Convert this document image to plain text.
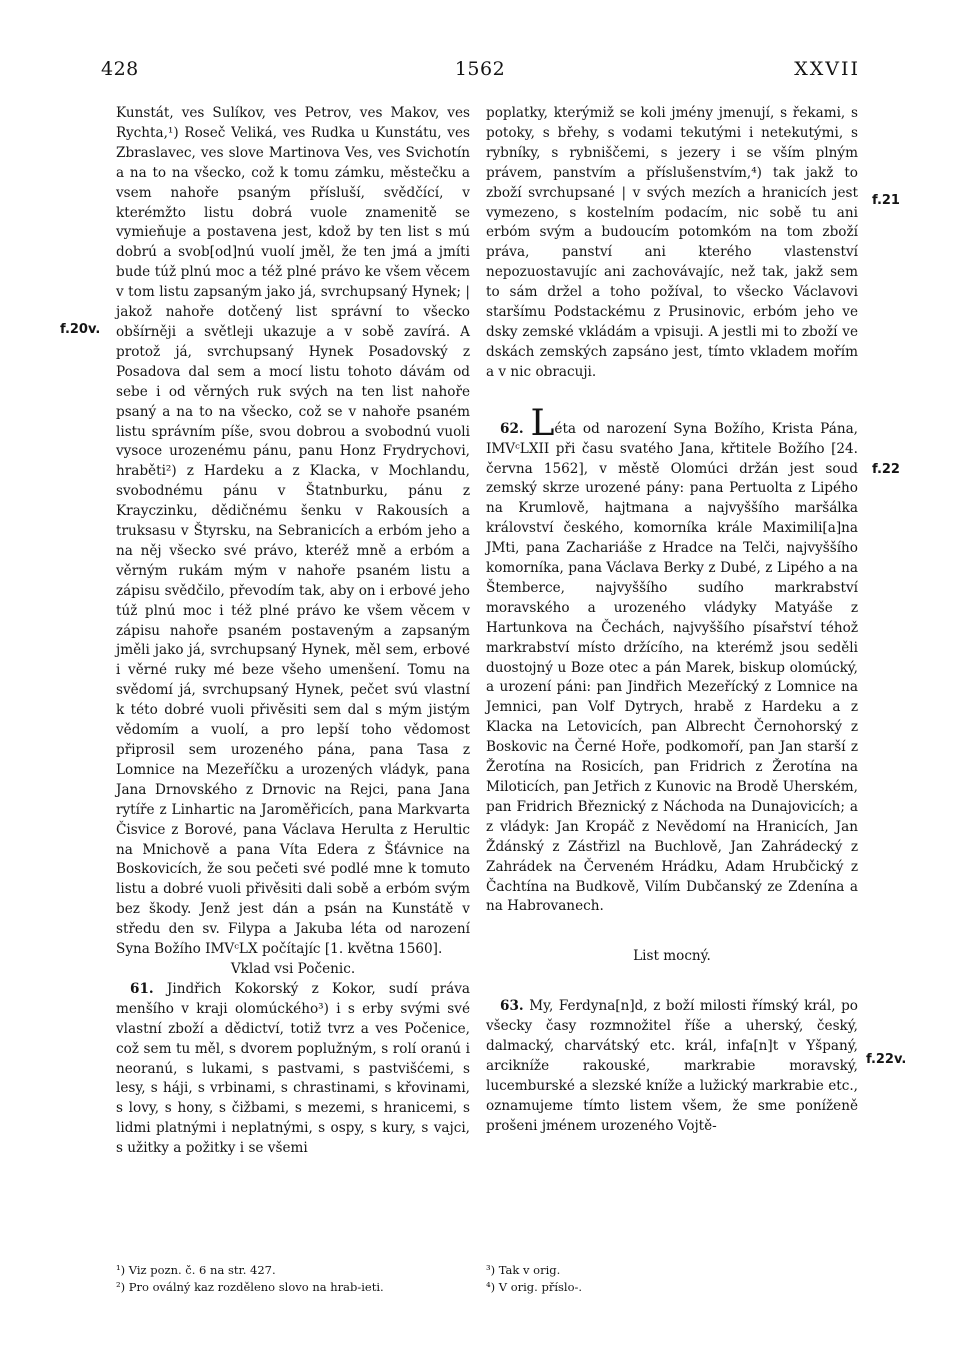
428	1562	XXVII
f.20v.
f.21
f.22
f.22v.

Kunstát, ves Sulíkov, ves Petrov, ves Makov, ves Rychta,¹) Roseč Veliká, ves Rudka u Kunstátu, ves Zbraslavec, ves slove Martinova Ves, ves Svichotín a na to na všecko, což k tomu zámku, městečku a vsem nahoře psaným přísluší, svědčící, v kterémžto listu dobrá vuole znamenitě se vymieňuje a postavena jest, kdož by ten list s mú dobrú a svob[od]nú vuolí jměl, že ten jmá a jmíti bude túž plnú moc a též plné právo ke všem věcem v tom listu zapsaným jako já, svrchupsaný Hynek; | jakož nahoře dotčený list správní to všecko obšírněji a světleji ukazuje a v sobě zavírá. A protož já, svrchupsaný Hynek Posadovský z Posadova dal sem a mocí listu tohoto dávám od sebe i od věrných ruk svých na ten list nahoře psaný a na to na všecko, což se v nahoře psaném listu správním píše, svou dobrou a svobodnú vuoli vysoce urozenému pánu, panu Honz Frydrychovi, hraběti²) z Hardeku a z Klacka, v Mochlandu, svobodnému pánu v Štatnburku, pánu z Krayczinku, dědičnému šenku v Rakousích a truksasu v Štyrsku, na Sebranicích a erbóm jeho a na něj všecko své právo, kteréž mně a erbóm a věrným rukám mým v nahoře psaném listu a zápisu svědčilo, převodím tak, aby on i erbové jeho túž plnú moc i též plné právo ke všem věcem v zápisu nahoře psaném postaveným a zapsaným jměli jako já, svrchupsaný Hynek, měl sem, erbové i věrné ruky mé beze všeho umenšení. Tomu na svědomí já, svrchupsaný Hynek, pečet svú vlastní k této dobré vuoli přivěsiti sem dal s mým jistým vědomím a vuolí, a pro lepší toho vědomost připrosil sem urozeného pána, pana Tasa z Lomnice na Mezeříčku a urozených vládyk, pana Jana Drnovského z Drnovic na Rejci, pana Jana rytíře z Linhartic na Jaroměřicích, pana Markvarta Čisvice z Borové, pana Václava Herulta z Herultic na Mnichově a pana Víta Edera z Šťávnice na Boskovicích, že sou pečeti své podlé mne k tomuto listu a dobré vuoli přivěsiti dali sobě a erbóm svým bez škody. Jenž jest dán a psán na Kunstátě v středu den sv. Filypa a Jakuba léta od narození Syna Božího IMVᶜLX počítajíc [1. května 1560].

Vklad vsi Počenic.

61. Jindřich Kokorský z Kokor, sudí práva menšího v kraji olomúckého³) i s erby svými své vlastní zboží a dědictví, totiž tvrz a ves Počenice, což sem tu měl, s dvorem poplužným, s rolí oranú i neoranú, s lukami, s pastvami, s pastvišćemi, s lesy, s háji, s vrbinami, s chrastinami, s křovinami, s lovy, s hony, s čižbami, s mezemi, s hranicemi, s lidmi platnými i neplatnými, s ospy, s kury, s vajci, s užitky a požitky i se všemi

poplatky, kterýmiž se koli jmény jmenují, s řekami, s potoky, s břehy, s vodami tekutými i netekutými, s rybníky, s rybniščemi, s jezery i se vším plným právem, panstvím a příslušenstvím,⁴) tak jakž to zboží svrchupsané | v svých mezích a hranicích jest vymezeno, s kostelním podacím, nic sobě tu ani erbóm svým a budoucím potomkóm na tom zboží práva, panství ani kterého vlastenství nepozuostavujíc ani zachovávajíc, než tak, jakž sem to sám držel a toho požíval, to všecko Václavovi staršímu Podstackému z Prusinovic, erbóm jeho ve dsky zemské vkládám a vpisuji. A jestli mi to zboží ve dskách zemských zapsáno jest, tímto vkladem mořím a v nic obracuji.

62. Léta od narození Syna Božího, Krista Pána, IMVᶜLXII při času svatého Jana, křtitele Božího [24. června 1562], v městě Olomúci držán jest soud zemský skrze urozené pány: pana Pertuolta z Lipého na Krumlově, hajtmana a najvyššího maršálka království českého, komorníka krále Maximili[a]na JMti, pana Zachariáše z Hradce na Telči, najvyššího komorníka, pana Václava Berky z Dubé, z Lipého a na Štemberce, najvyššího sudího markrabství moravského a urozeného vládyky Matyáše z Hartunkova na Čechách, najvyššího písařství téhož markrabství místo držícího, na kterémž jsou seděli duostojný u Boze otec a pán Marek, biskup olomúcký, a urození páni: pan Jindřich Mezeřícký z Lomnice na Jemnici, pan Volf Dytrych, hrabě z Hardeku a z Klacka na Letovicích, pan Albrecht Černohorský z Boskovic na Černé Hoře, podkomoří, pan Jan starší z Žerotína na Rosicích, pan Fridrich z Žerotína na Miloticích, pan Jetřich z Kunovic na Brodě Uherském, pan Fridrich Březnický z Náchoda na Dunajovicích; a z vládyk: Jan Kropáč z Nevědomí na Hranicích, Jan Ždánský z Zástřizl na Buchlově, Jan Zahrádecký z Zahrádek na Červeném Hrádku, Adam Hrubčický z Čachtína na Budkově, Vilím Dubčanský ze Zdenína a na Habrovanech.

List mocný.

63. My, Ferdyna[n]d, z boží milosti římský král, po všecky časy rozmnožitel říše a uherský, český, dalmacký, charvátský etc. král, infa[n]t v Yšpaný, arcikníže rakouské, markrabie moravský, lucemburské a slezské kníže a lužický markrabie etc., oznamujeme tímto listem všem, že sme poníženě prošeni jménem urozeného Vojtě-

¹) Viz pozn. č. 6 na str. 427.
²) Pro oválný kaz rozděleno slovo na hrab-ieti.
³) Tak v orig.
⁴) V orig. příslo-.
